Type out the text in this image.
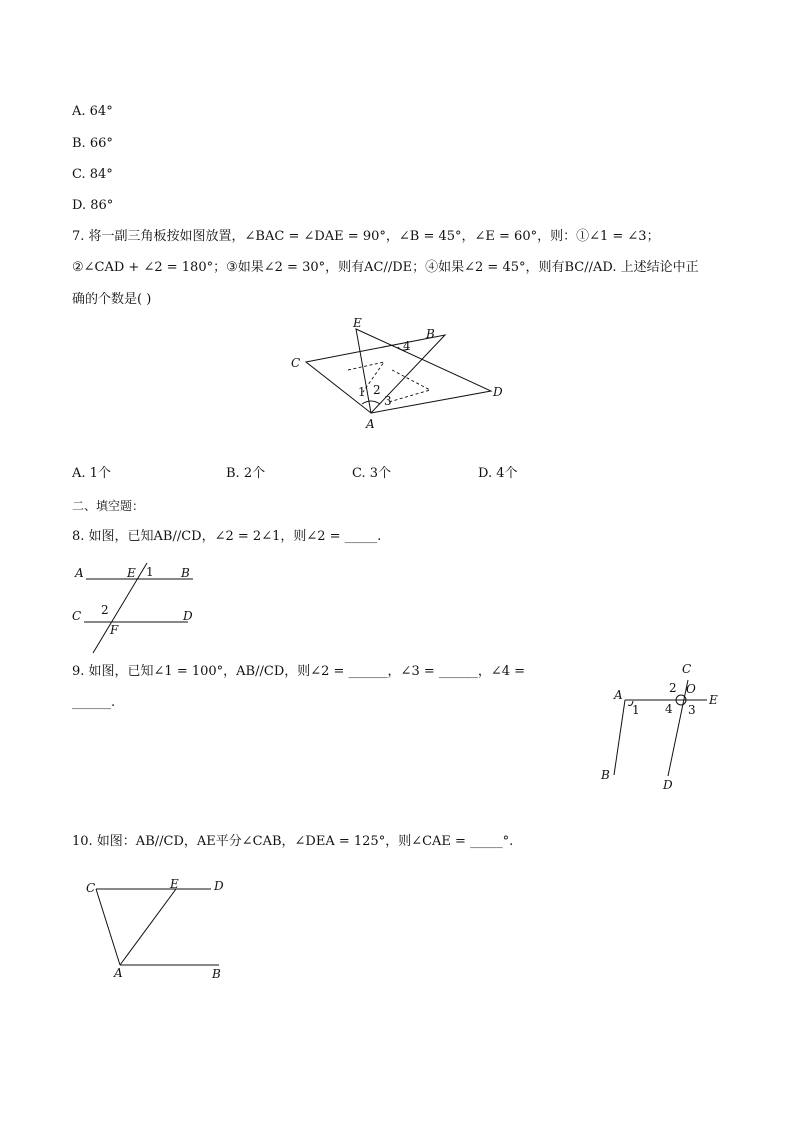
A. 64°
B. 66°
C. 84°
D. 86°
7. 将一副三角板按如图放置，∠BAC = ∠DAE = 90°，∠B = 45°，∠E = 60°，则：①∠1 = ∠3；
②∠CAD + ∠2 = 180°；③如果∠2 = 30°，则有AC//DE；④如果∠2 = 45°，则有BC//AD. 上述结论中正
确的个数是( )
E
B
C
D
A
1 2
3
4
A. 1个	B. 2个	C. 3个	D. 4个
二、填空题：
8. 如图，已知AB//CD，∠2 = 2∠1，则∠2 = _____.
A	E 1 B
C 2	D
F
9. 如图，已知∠1 = 100°，AB//CD，则∠2 = ______，∠3 = ______，∠4 =
______.
C
A	2 O
E
1 4 3
B
D
10. 如图：AB//CD，AE平分∠CAB，∠DEA = 125°，则∠CAE = _____°.
C	E	D
A	B
